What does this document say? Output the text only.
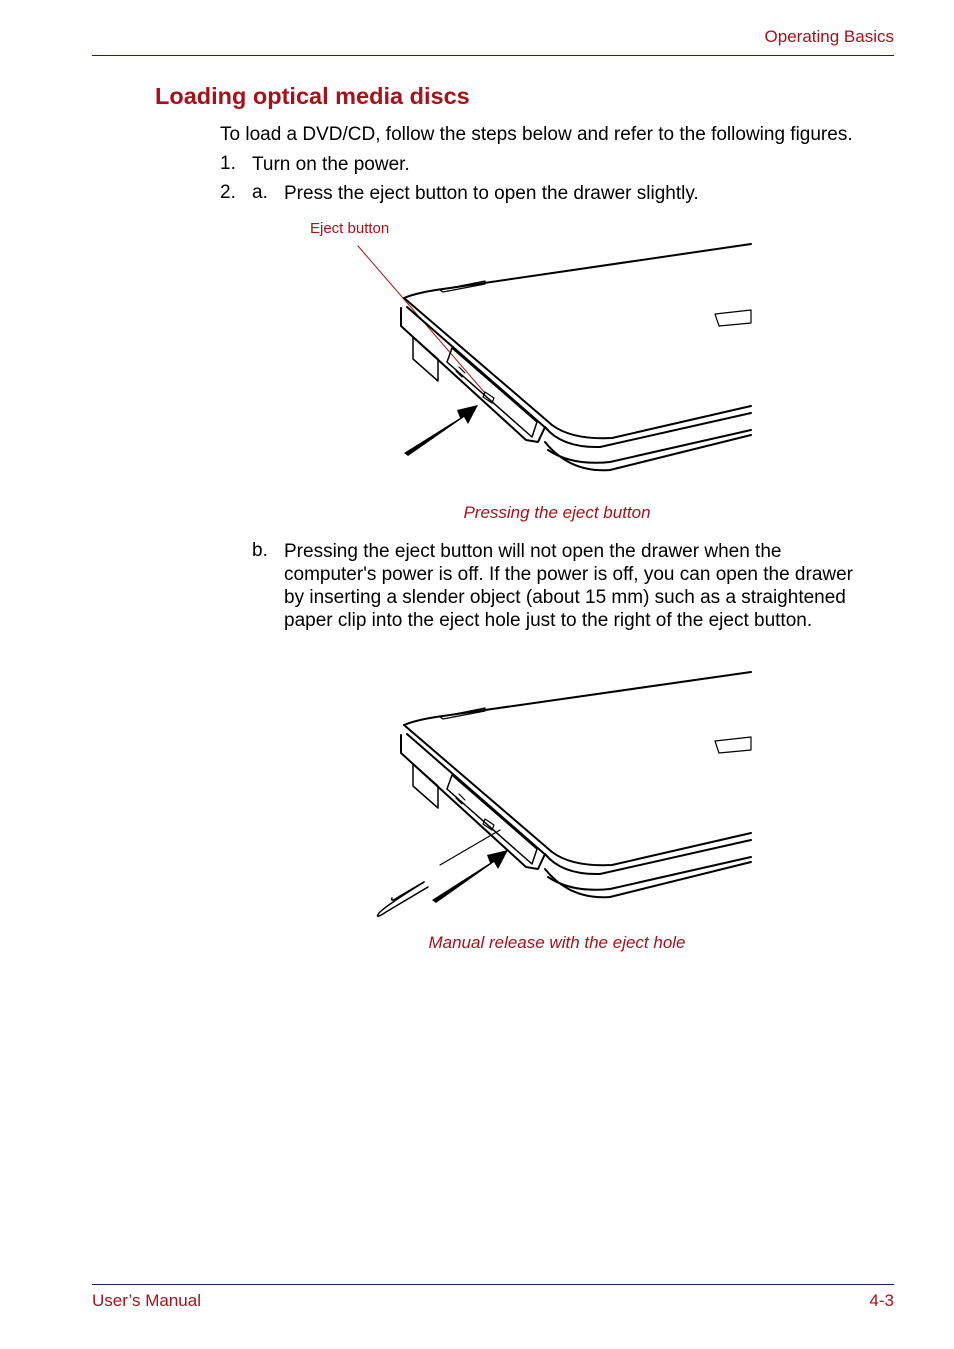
Operating Basics
Loading optical media discs

To load a DVD/CD, follow the steps below and refer to the following figures.

1. Turn on the power.
2. a. Press the eject button to open the drawer slightly.
Eject button
Pressing the eject button
b. Pressing the eject button will not open the drawer when the
computer's power is off. If the power is off, you can open the drawer
by inserting a slender object (about 15 mm) such as a straightened
paper clip into the eject hole just to the right of the eject button.
Manual release with the eject hole
User’s Manual	4-3
